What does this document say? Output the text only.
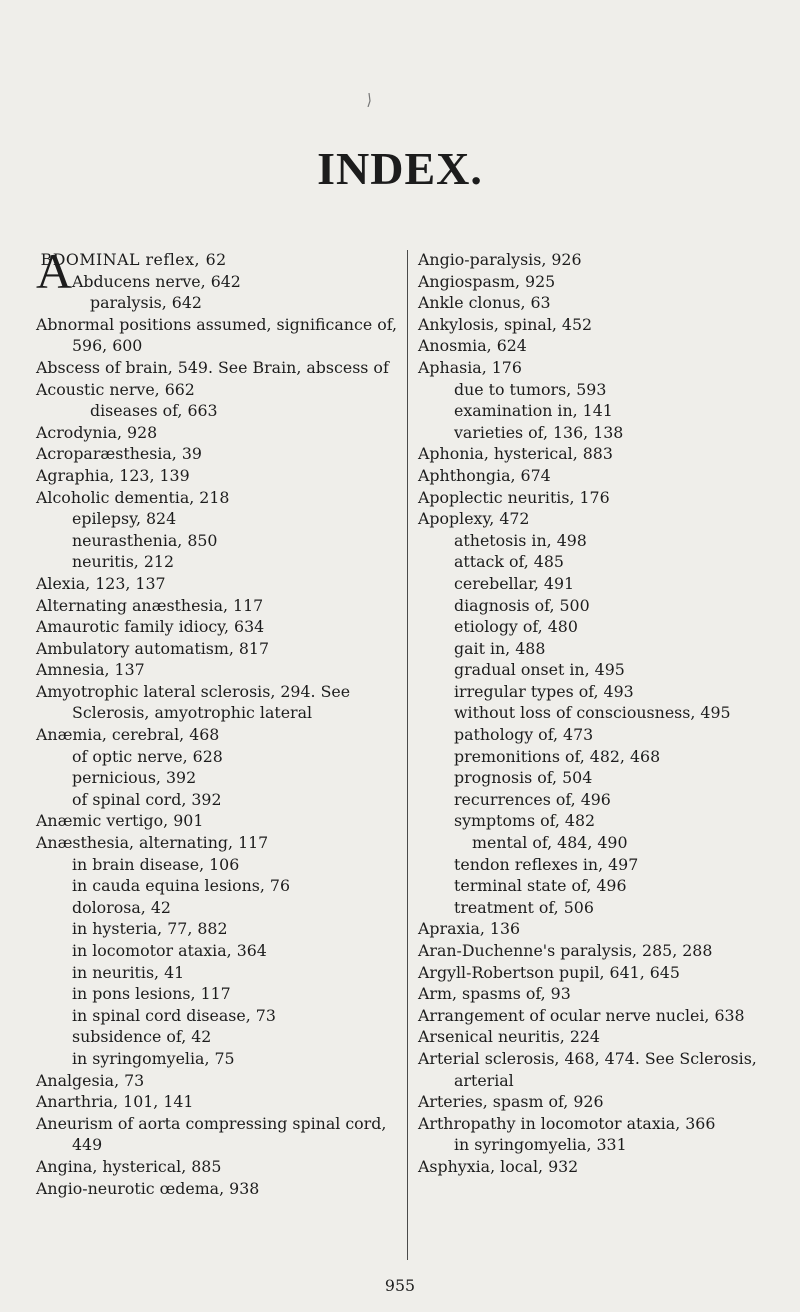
INDEX.
A
BDOMINAL reflex, 62
Abducens nerve, 642
paralysis, 642
Abnormal positions assumed, significance of, 596, 600
Abscess of brain, 549. See Brain, abscess of
Acoustic nerve, 662
diseases of, 663
Acrodynia, 928
Acroparæsthesia, 39
Agraphia, 123, 139
Alcoholic dementia, 218
epilepsy, 824
neurasthenia, 850
neuritis, 212
Alexia, 123, 137
Alternating anæsthesia, 117
Amaurotic family idiocy, 634
Ambulatory automatism, 817
Amnesia, 137
Amyotrophic lateral sclerosis, 294. See Sclerosis, amyotrophic lateral
Anæmia, cerebral, 468
of optic nerve, 628
pernicious, 392
of spinal cord, 392
Anæmic vertigo, 901
Anæsthesia, alternating, 117
in brain disease, 106
in cauda equina lesions, 76
dolorosa, 42
in hysteria, 77, 882
in locomotor ataxia, 364
in neuritis, 41
in pons lesions, 117
in spinal cord disease, 73
subsidence of, 42
in syringomyelia, 75
Analgesia, 73
Anarthria, 101, 141
Aneurism of aorta compressing spinal cord, 449
Angina, hysterical, 885
Angio-neurotic œdema, 938
Angio-paralysis, 926
Angiospasm, 925
Ankle clonus, 63
Ankylosis, spinal, 452
Anosmia, 624
Aphasia, 176
due to tumors, 593
examination in, 141
varieties of, 136, 138
Aphonia, hysterical, 883
Aphthongia, 674
Apoplectic neuritis, 176
Apoplexy, 472
athetosis in, 498
attack of, 485
cerebellar, 491
diagnosis of, 500
etiology of, 480
gait in, 488
gradual onset in, 495
irregular types of, 493
without loss of consciousness, 495
pathology of, 473
premonitions of, 482, 468
prognosis of, 504
recurrences of, 496
symptoms of, 482
mental of, 484, 490
tendon reflexes in, 497
terminal state of, 496
treatment of, 506
Apraxia, 136
Aran-Duchenne's paralysis, 285, 288
Argyll-Robertson pupil, 641, 645
Arm, spasms of, 93
Arrangement of ocular nerve nuclei, 638
Arsenical neuritis, 224
Arterial sclerosis, 468, 474. See Sclerosis, arterial
Arteries, spasm of, 926
Arthropathy in locomotor ataxia, 366
in syringomyelia, 331
Asphyxia, local, 932
955
